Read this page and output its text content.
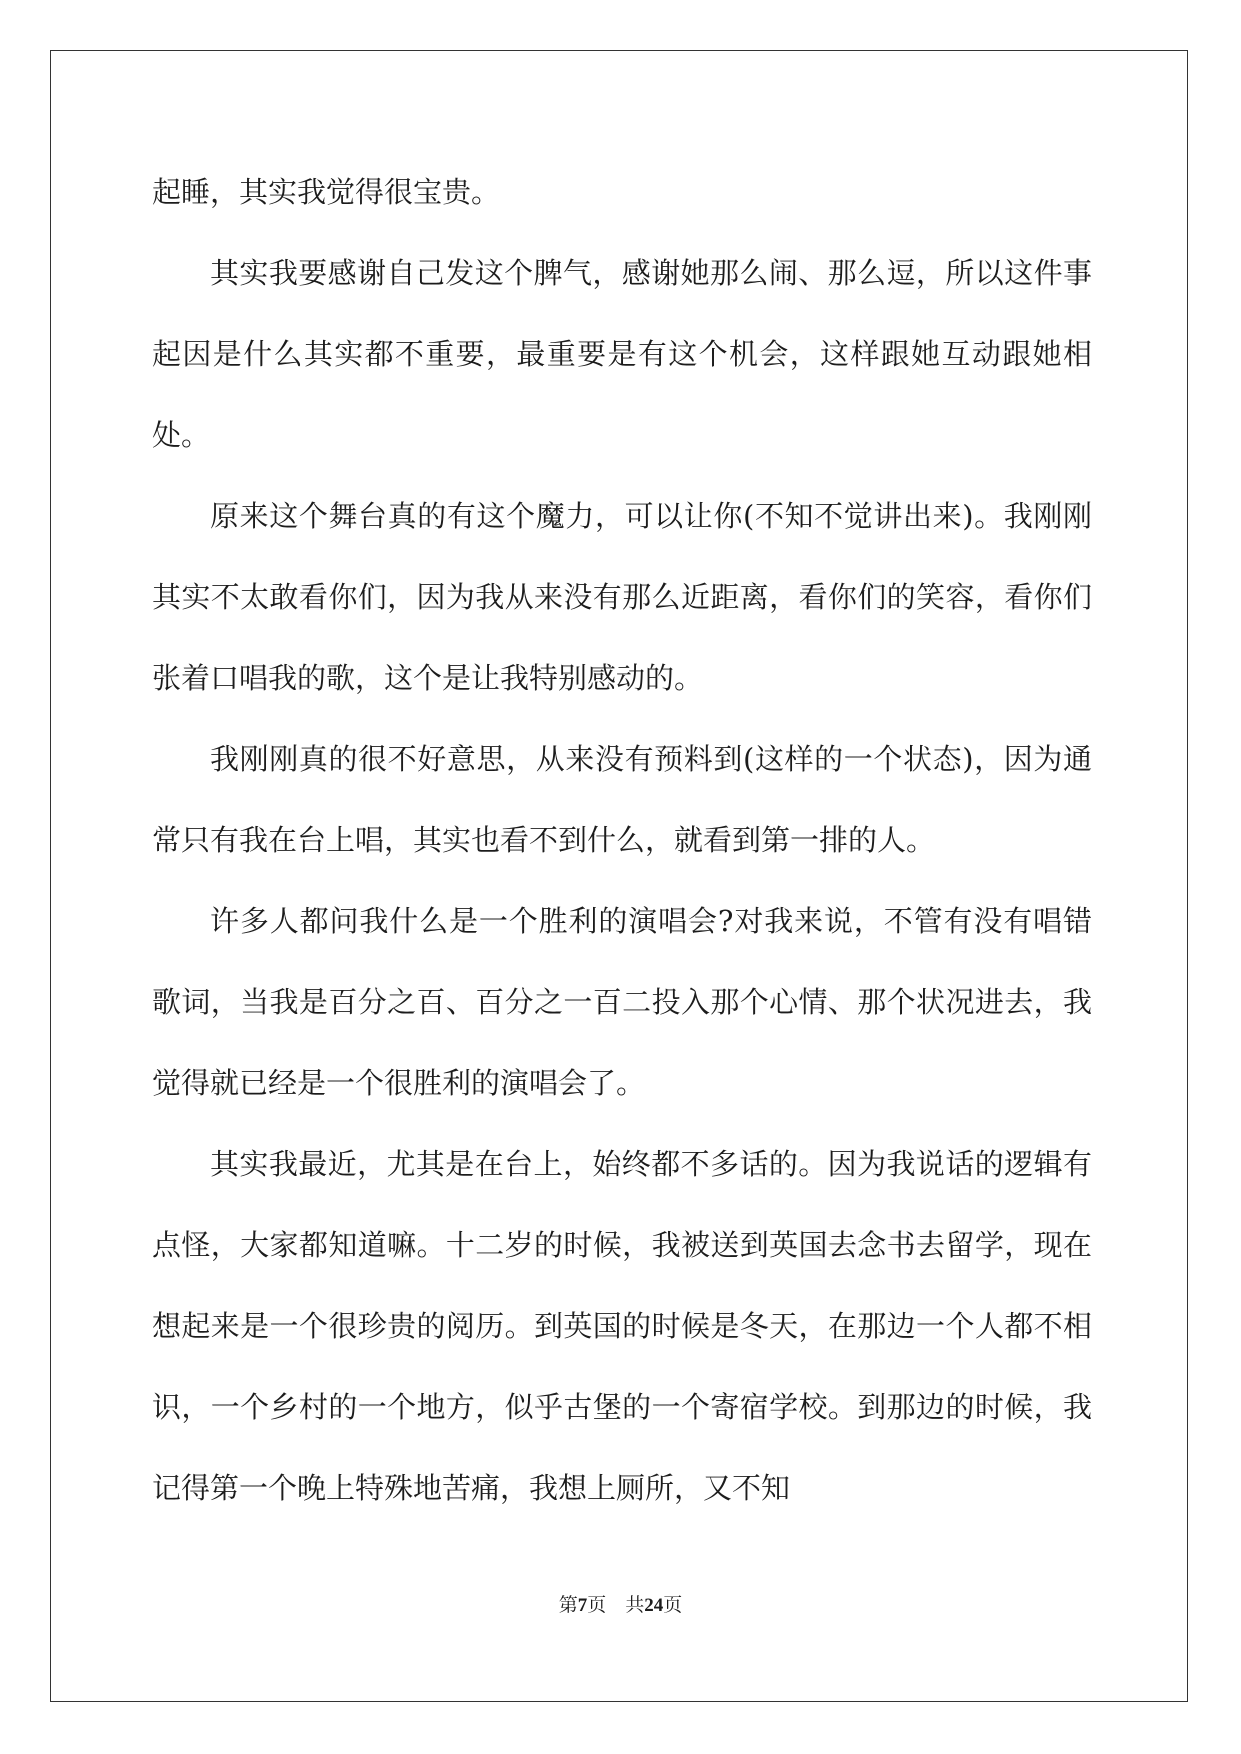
起睡，其实我觉得很宝贵。

其实我要感谢自己发这个脾气，感谢她那么闹、那么逗，所以这件事起因是什么其实都不重要，最重要是有这个机会，这样跟她互动跟她相处。

原来这个舞台真的有这个魔力，可以让你(不知不觉讲出来)。我刚刚其实不太敢看你们，因为我从来没有那么近距离，看你们的笑容，看你们张着口唱我的歌，这个是让我特别感动的。

我刚刚真的很不好意思，从来没有预料到(这样的一个状态)，因为通常只有我在台上唱，其实也看不到什么，就看到第一排的人。

许多人都问我什么是一个胜利的演唱会?对我来说，不管有没有唱错歌词，当我是百分之百、百分之一百二投入那个心情、那个状况进去，我觉得就已经是一个很胜利的演唱会了。

其实我最近，尤其是在台上，始终都不多话的。因为我说话的逻辑有点怪，大家都知道嘛。十二岁的时候，我被送到英国去念书去留学，现在想起来是一个很珍贵的阅历。到英国的时候是冬天，在那边一个人都不相识，一个乡村的一个地方，似乎古堡的一个寄宿学校。到那边的时候，我记得第一个晚上特殊地苦痛，我想上厕所，又不知

第7页　 共24页
